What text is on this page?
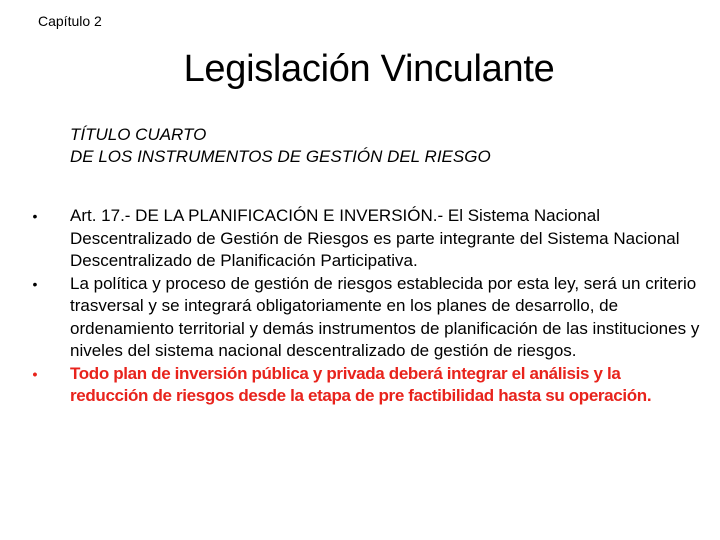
Capítulo 2
Legislación Vinculante
TÍTULO CUARTO
DE LOS INSTRUMENTOS DE GESTIÓN DEL RIESGO
• Art. 17.- DE LA PLANIFICACIÓN E INVERSIÓN.- El Sistema Nacional Descentralizado de Gestión de Riesgos es parte integrante del Sistema Nacional Descentralizado de Planificación Participativa.
• La política y proceso de gestión de riesgos establecida por esta ley, será un criterio trasversal y se integrará obligatoriamente en los planes de desarrollo, de ordenamiento territorial y demás instrumentos de planificación de las instituciones y niveles del sistema nacional descentralizado de gestión de riesgos.
• Todo plan de inversión pública y privada deberá integrar el análisis y la reducción de riesgos desde la etapa de pre factibilidad hasta su operación.
